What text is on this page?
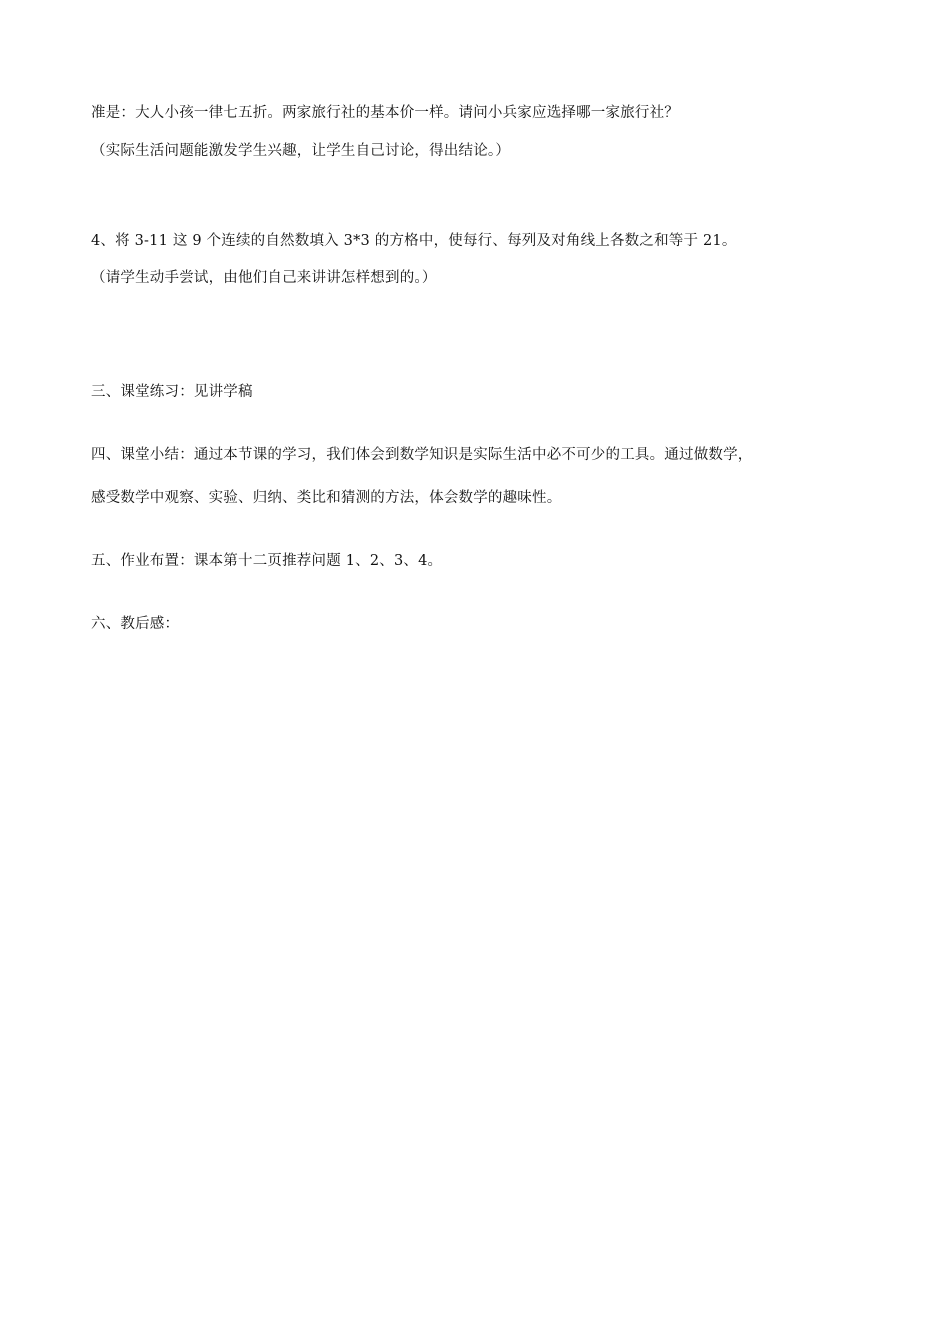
准是：大人小孩一律七五折。两家旅行社的基本价一样。请问小兵家应选择哪一家旅行社？
（实际生活问题能激发学生兴趣，让学生自己讨论，得出结论。）
4、将 3-11 这 9 个连续的自然数填入 3*3 的方格中，使每行、每列及对角线上各数之和等于 21。
（请学生动手尝试，由他们自己来讲讲怎样想到的。）
三、课堂练习：见讲学稿
四、课堂小结：通过本节课的学习，我们体会到数学知识是实际生活中必不可少的工具。通过做数学，
感受数学中观察、实验、归纳、类比和猜测的方法，体会数学的趣味性。
五、作业布置：课本第十二页推荐问题 1、2、3、4。
六、教后感：
